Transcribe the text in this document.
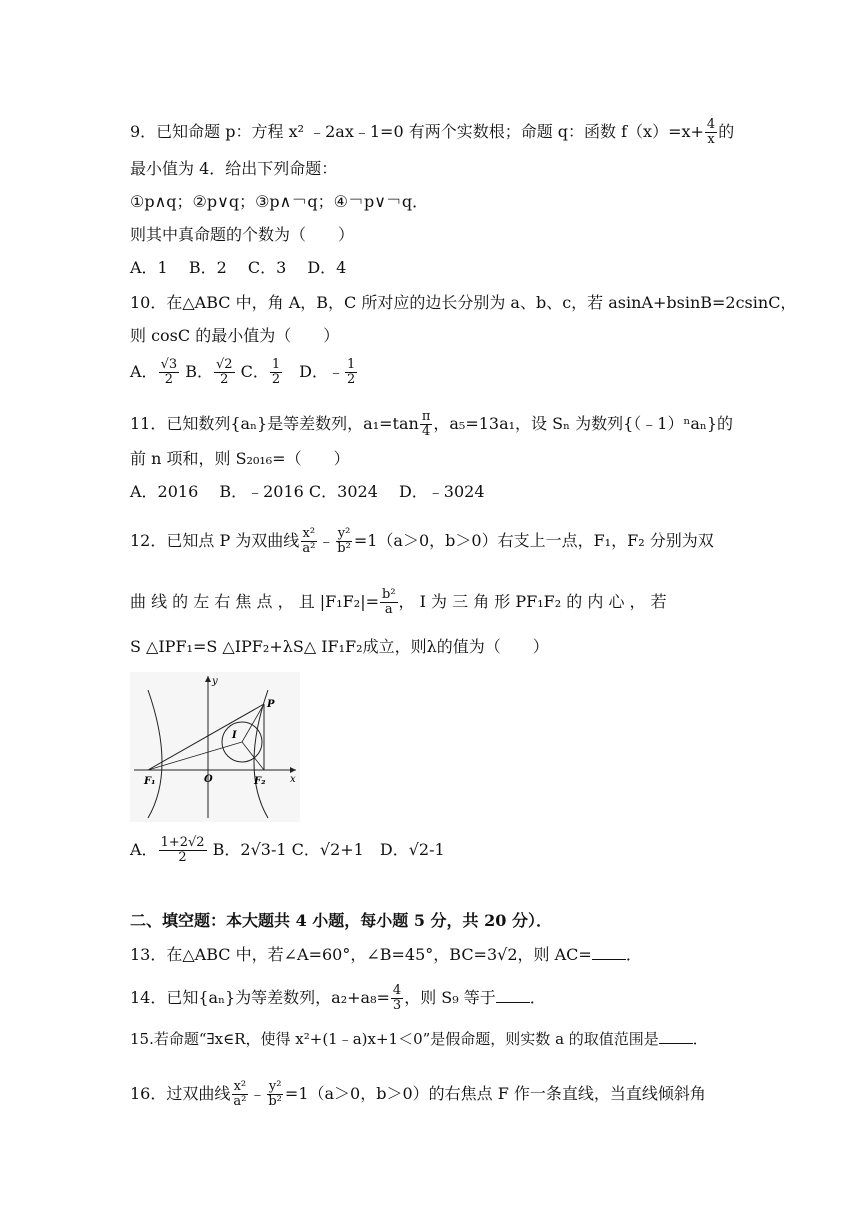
9．已知命题 p：方程 x² ﹣2ax﹣1=0 有两个实数根；命题 q：函数 $f(x)=x+ \frac{4}{x}$ 的
最小值为 4．给出下列命题：
①p∧q；②p∨q；③p∧￢q；④￢p∨￢q．
则其中真命题的个数为（　　）
A．1　 B．2　 C．3　 D．4
10．在△ABC 中，角 A，B，C 所对应的边长分别为 a、b、c，若 asinA+bsinB=2csinC，
则 cosC 的最小值为（　　）
A． $\frac{√3}{2}$ B． $\frac{√2}{2}$ C． $\frac{1}{2}$ 　D．﹣ $\frac{1}{2}$
11．已知数列{aₙ}是等差数列，$a_1=\tan \frac{\pi}{4}$ ，a₅=13a₁，设 Sₙ 为数列{（﹣1）ⁿaₙ}的
前 n 项和，则 S₂₀₁₆=（　　）
A．2016　 B．﹣2016 C．3024　 D．﹣3024
12．已知点 P 为双曲线 $\frac{\text{x²}}{\text{a²}}$ ﹣ $\frac{\text{y²}}{\text{b²}} =1(a>0$，b＞0）右支上一点，F₁，F₂ 分别为双
曲 线 的 左 右 焦 点 ， 且 $|F_1F_2|= \frac{\text{b²}}{a}$ ， I 为 三 角 形 PF₁F₂ 的 内 心 ， 若
S △IPF₁=S △IPF₂+λS△ IF₁F₂成立，则λ的值为（　　）
y
x
P
I
O
F₁	F₂
A． $\frac{1+2√2}{2}$ B．2√3-1 C．√2+1　D．√2-1
二、填空题：本大题共 4 小题，每小题 5 分，共 20 分）．
13．在△ABC 中，若∠A=60°，∠B=45°，BC=3√2，则 AC= ．
14．已知{aₙ}为等差数列，$a_2+a_8= \frac{4}{3}$ ，则 S₉ 等于 ．
15.若命题“∃x∈R，使得 x²+(1﹣a)x+1＜0”是假命题，则实数 a 的取值范围是 ．
16．过双曲线 $\frac{\text{x²}}{\text{a²}}$ ﹣ $\frac{\text{y²}}{\text{b²}} =1(a>0$，b＞0）的右焦点 F 作一条直线，当直线倾斜角
